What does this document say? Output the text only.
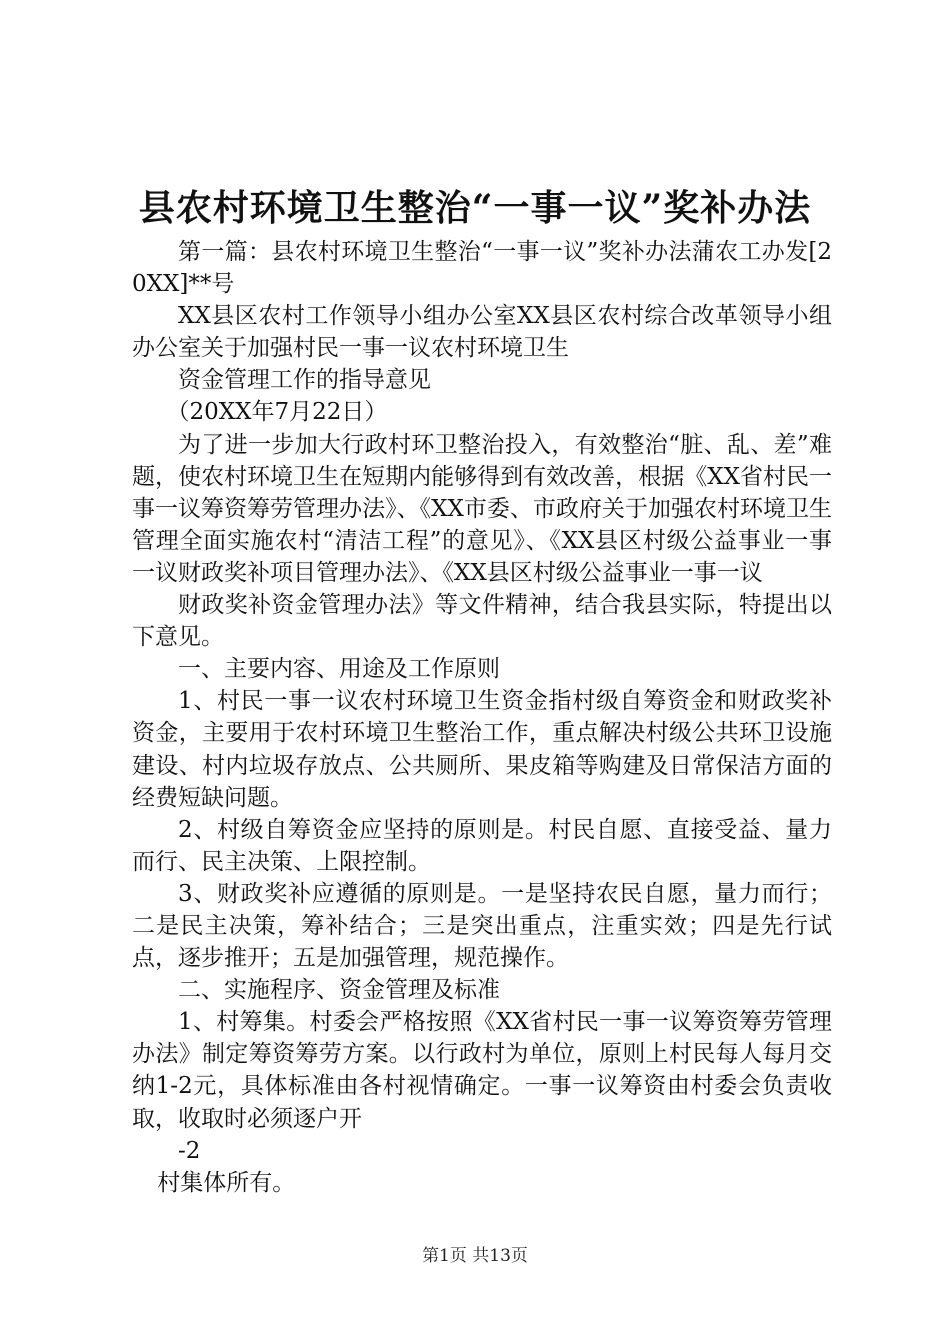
县农村环境卫生整治“一事一议”奖补办法

第一篇：县农村环境卫生整治“一事一议”奖补办法蒲农工办发[20XX]**号

XX县区农村工作领导小组办公室XX县区农村综合改革领导小组办公室关于加强村民一事一议农村环境卫生

资金管理工作的指导意见

（20XX年7月22日）

为了进一步加大行政村环卫整治投入，有效整治“脏、乱、差”难题，使农村环境卫生在短期内能够得到有效改善，根据《XX省村民一事一议筹资筹劳管理办法》、《XX市委、市政府关于加强农村环境卫生管理全面实施农村“清洁工程”的意见》、《XX县区村级公益事业一事一议财政奖补项目管理办法》、《XX县区村级公益事业一事一议

财政奖补资金管理办法》等文件精神，结合我县实际，特提出以下意见。

一、主要内容、用途及工作原则

1、村民一事一议农村环境卫生资金指村级自筹资金和财政奖补资金，主要用于农村环境卫生整治工作，重点解决村级公共环卫设施建设、村内垃圾存放点、公共厕所、果皮箱等购建及日常保洁方面的经费短缺问题。

2、村级自筹资金应坚持的原则是。村民自愿、直接受益、量力而行、民主决策、上限控制。

3、财政奖补应遵循的原则是。一是坚持农民自愿，量力而行；二是民主决策，筹补结合；三是突出重点，注重实效；四是先行试点，逐步推开；五是加强管理，规范操作。

二、实施程序、资金管理及标准

1、村筹集。村委会严格按照《XX省村民一事一议筹资筹劳管理办法》制定筹资筹劳方案。以行政村为单位，原则上村民每人每月交纳1-2元，具体标准由各村视情确定。一事一议筹资由村委会负责收取，收取时必须逐户开

-2

村集体所有。

第1页 共13页
